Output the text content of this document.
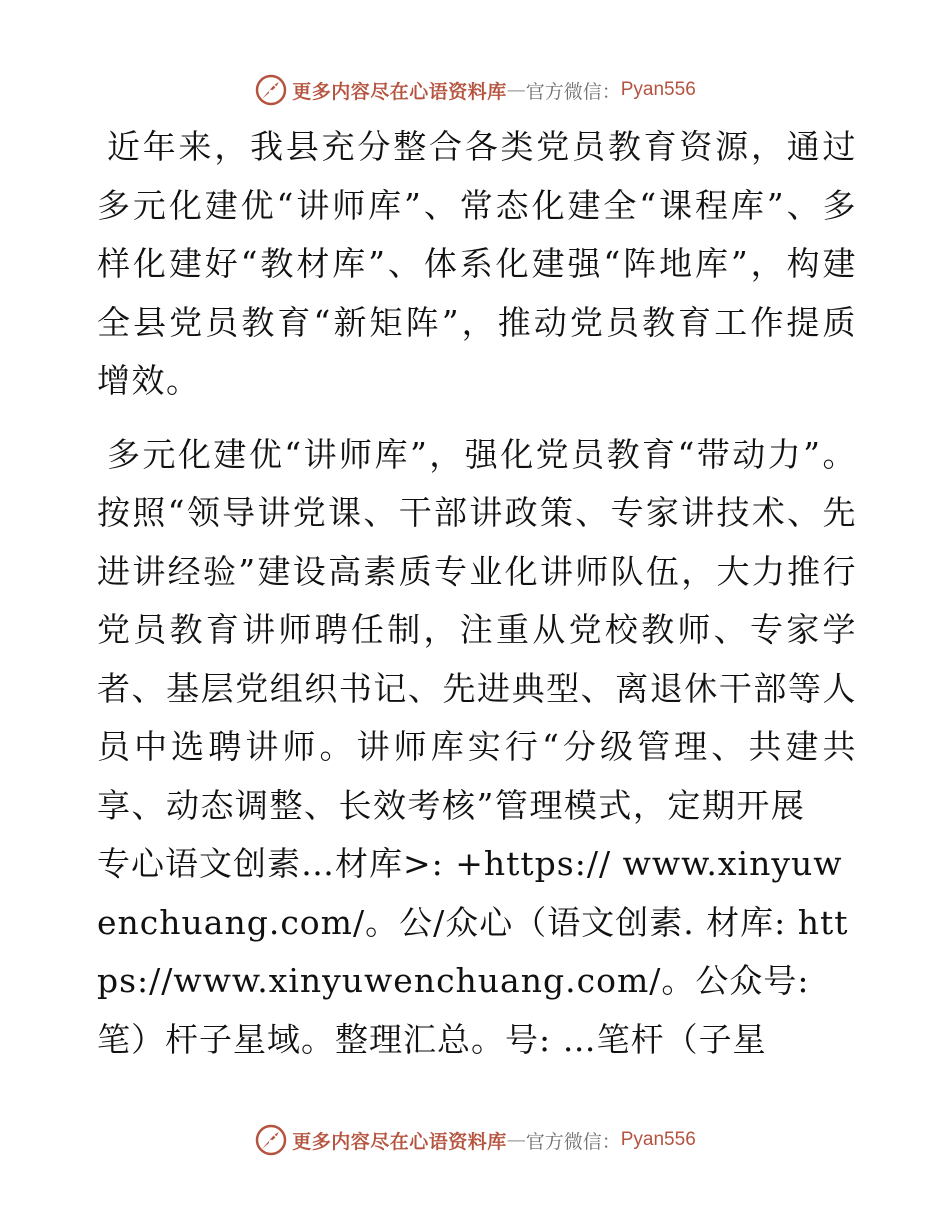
更多内容尽在心语资料库 — 官方微信： Pyan556

近年来，我县充分整合各类党员教育资源，通过多元化建优“讲师库”、常态化建全“课程库”、多样化建好“教材库”、体系化建强“阵地库”，构建全县党员教育“新矩阵”，推动党员教育工作提质增效。

多元化建优“讲师库”，强化党员教育“带动力”。按照“领导讲党课、干部讲政策、专家讲技术、先进讲经验”建设高素质专业化讲师队伍，大力推行党员教育讲师聘任制，注重从党校教师、专家学者、基层党组织书记、先进典型、离退休干部等人员中选聘讲师。讲师库实行“分级管理、共建共享、动态调整、长效考核”管理模式，定期开展

专心语文创素…材库>: +https:// www.xinyuwenchuang.com/。公/众心（语文创素. 材库: https://www.xinyuwenchuang.com/。公众号: 笔）杆子星域。整理汇总。号: …笔杆（子星

更多内容尽在心语资料库 — 官方微信： Pyan556
